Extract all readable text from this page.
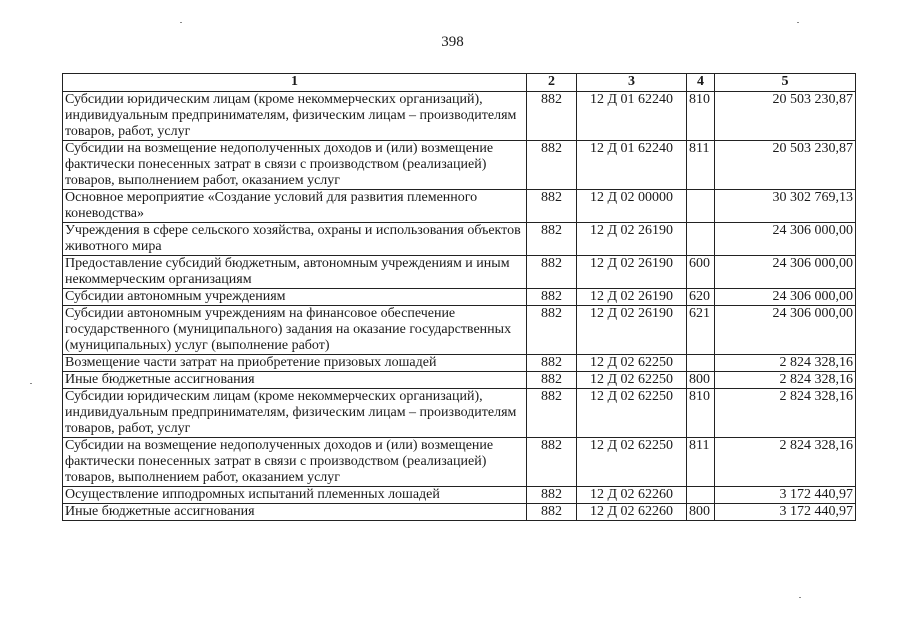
398
1	2	3	4	5
Субсидии юридическим лицам (кроме некоммерческих организаций), индивидуальным предпринимателям, физическим лицам – производителям товаров, работ, услуг	882	12 Д 01 62240	810	20 503 230,87
Субсидии на возмещение недополученных доходов и (или) возмещение фактически понесенных затрат в связи с производством (реализацией) товаров, выполнением работ, оказанием услуг	882	12 Д 01 62240	811	20 503 230,87
Основное мероприятие «Создание условий для развития племенного коневодства»	882	12 Д 02 00000		30 302 769,13
Учреждения в сфере сельского хозяйства, охраны и использования объектов животного мира	882	12 Д 02 26190		24 306 000,00
Предоставление субсидий бюджетным, автономным учреждениям и иным некоммерческим организациям	882	12 Д 02 26190	600	24 306 000,00
Субсидии автономным учреждениям	882	12 Д 02 26190	620	24 306 000,00
Субсидии автономным учреждениям на финансовое обеспечение государственного (муниципального) задания на оказание государственных (муниципальных) услуг (выполнение работ)	882	12 Д 02 26190	621	24 306 000,00
Возмещение части затрат на приобретение призовых лошадей	882	12 Д 02 62250		2 824 328,16
Иные бюджетные ассигнования	882	12 Д 02 62250	800	2 824 328,16
Субсидии юридическим лицам (кроме некоммерческих организаций), индивидуальным предпринимателям, физическим лицам – производителям товаров, работ, услуг	882	12 Д 02 62250	810	2 824 328,16
Субсидии на возмещение недополученных доходов и (или) возмещение фактически понесенных затрат в связи с производством (реализацией) товаров, выполнением работ, оказанием услуг	882	12 Д 02 62250	811	2 824 328,16
Осуществление ипподромных испытаний племенных лошадей	882	12 Д 02 62260		3 172 440,97
Иные бюджетные ассигнования	882	12 Д 02 62260	800	3 172 440,97
